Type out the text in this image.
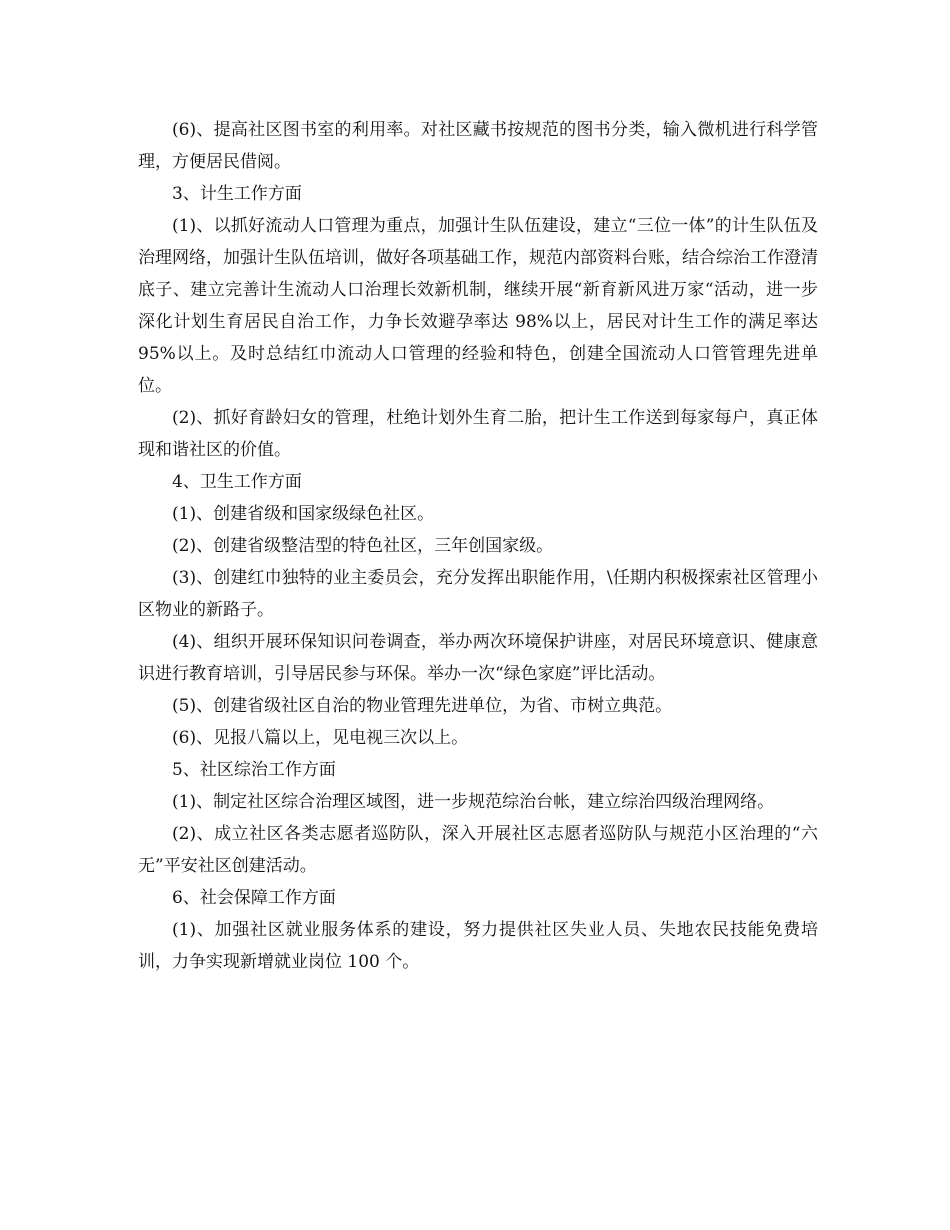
(6)、提高社区图书室的利用率。对社区藏书按规范的图书分类，输入微机进行科学管理，方便居民借阅。

3、计生工作方面

(1)、以抓好流动人口管理为重点，加强计生队伍建设，建立“三位一体”的计生队伍及治理网络，加强计生队伍培训，做好各项基础工作，规范内部资料台账，结合综治工作澄清底子、建立完善计生流动人口治理长效新机制，继续开展“新育新风进万家“活动，进一步深化计划生育居民自治工作，力争长效避孕率达 98%以上，居民对计生工作的满足率达 95%以上。及时总结红巾流动人口管理的经验和特色，创建全国流动人口管管理先进单位。

(2)、抓好育龄妇女的管理，杜绝计划外生育二胎，把计生工作送到每家每户，真正体现和谐社区的价值。

4、卫生工作方面

(1)、创建省级和国家级绿色社区。

(2)、创建省级整洁型的特色社区，三年创国家级。

(3)、创建红巾独特的业主委员会，充分发挥出职能作用，\任期内积极探索社区管理小区物业的新路子。

(4)、组织开展环保知识问卷调查，举办两次环境保护讲座，对居民环境意识、健康意识进行教育培训，引导居民参与环保。举办一次“绿色家庭”评比活动。

(5)、创建省级社区自治的物业管理先进单位，为省、市树立典范。

(6)、见报八篇以上，见电视三次以上。

5、社区综治工作方面

(1)、制定社区综合治理区域图，进一步规范综治台帐，建立综治四级治理网络。

(2)、成立社区各类志愿者巡防队，深入开展社区志愿者巡防队与规范小区治理的“六无”平安社区创建活动。

6、社会保障工作方面

(1)、加强社区就业服务体系的建设，努力提供社区失业人员、失地农民技能免费培训，力争实现新增就业岗位 100 个。
